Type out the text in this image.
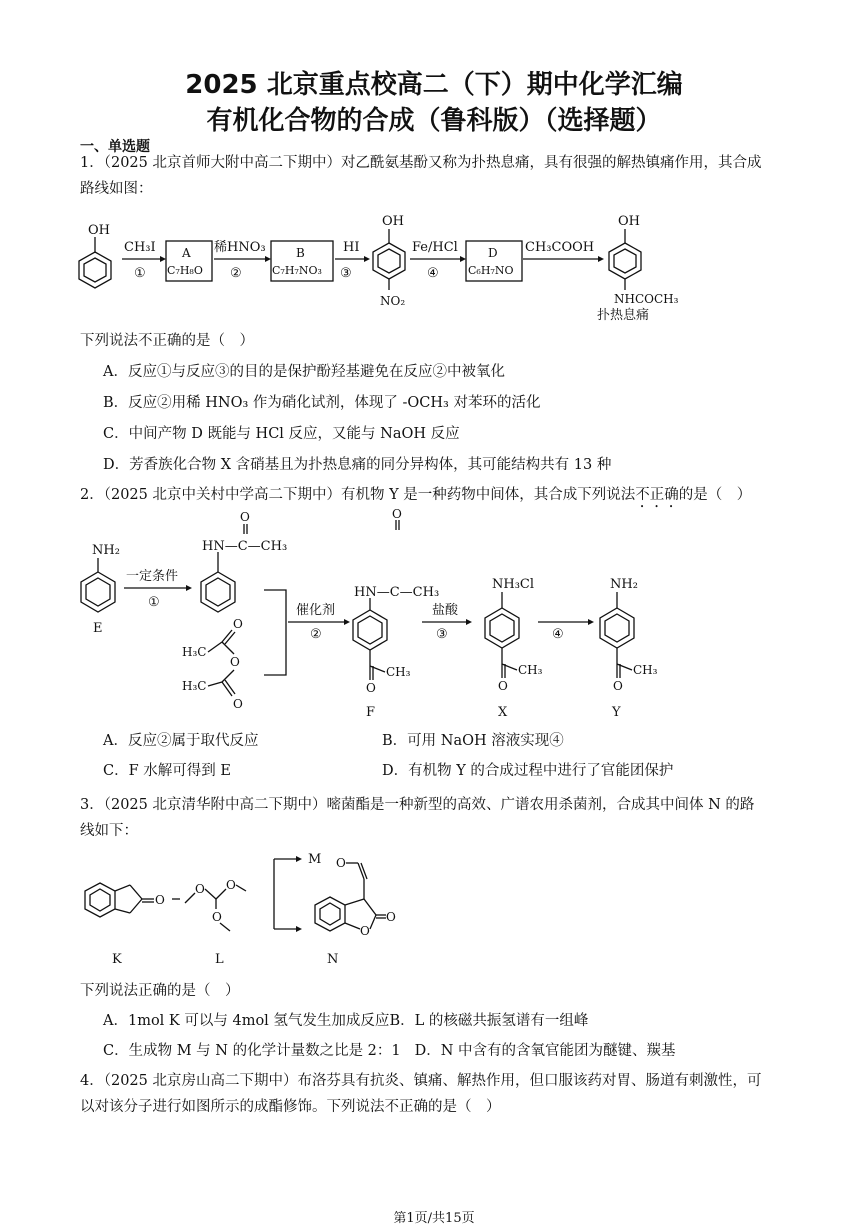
2025 北京重点校高二（下）期中化学汇编
有机化合物的合成（鲁科版）（选择题）
一、单选题
1．（2025 北京首师大附中高二下期中）对乙酰氨基酚又称为扑热息痛，具有很强的解热镇痛作用，其合成
路线如图：
OH
CH₃I
①
A
C₇H₈O
稀HNO₃
②
B
C₇H₇NO₃
HI
③
OH
NO₂
Fe/HCl
④
D
C₆H₇NO
CH₃COOH
OH
NHCOCH₃
扑热息痛
下列说法不正确的是（　）
A．反应①与反应③的目的是保护酚羟基避免在反应②中被氧化
B．反应②用稀 HNO₃ 作为硝化试剂，体现了 -OCH₃ 对苯环的活化
C．中间产物 D 既能与 HCl 反应，又能与 NaOH 反应
D．芳香族化合物 X 含硝基且为扑热息痛的同分异构体，其可能结构共有 13 种
2．（2025 北京中关村中学高二下期中）有机物 Y 是一种药物中间体，其合成下列说法不正确的是（　）
NH₂
E
一定条件
①
HN—C—CH₃
O
H₃C
O
O
H₃C
O
催化剂
②
O
HN—C—CH₃
O
CH₃
F
盐酸
③
NH₃Cl
O
CH₃
X
④
NH₂
O
CH₃
Y
A．反应②属于取代反应	B．可用 NaOH 溶液实现④
C．F 水解可得到 E	D．有机物 Y 的合成过程中进行了官能团保护
3．（2025 北京清华附中高二下期中）嘧菌酯是一种新型的高效、广谱农用杀菌剂，合成其中间体 N 的路
线如下：
O
K
O O
O
L
M O
O
O
N
下列说法正确的是（　）
A．1mol K 可以与 4mol 氢气发生加成反应B．L 的核磁共振氢谱有一组峰
C．生成物 M 与 N 的化学计量数之比是 2：1 D．N 中含有的含氧官能团为醚键、羰基
4．（2025 北京房山高二下期中）布洛芬具有抗炎、镇痛、解热作用，但口服该药对胃、肠道有刺激性，可
以对该分子进行如图所示的成酯修饰。下列说法不正确的是（　）
第1页/共15页
